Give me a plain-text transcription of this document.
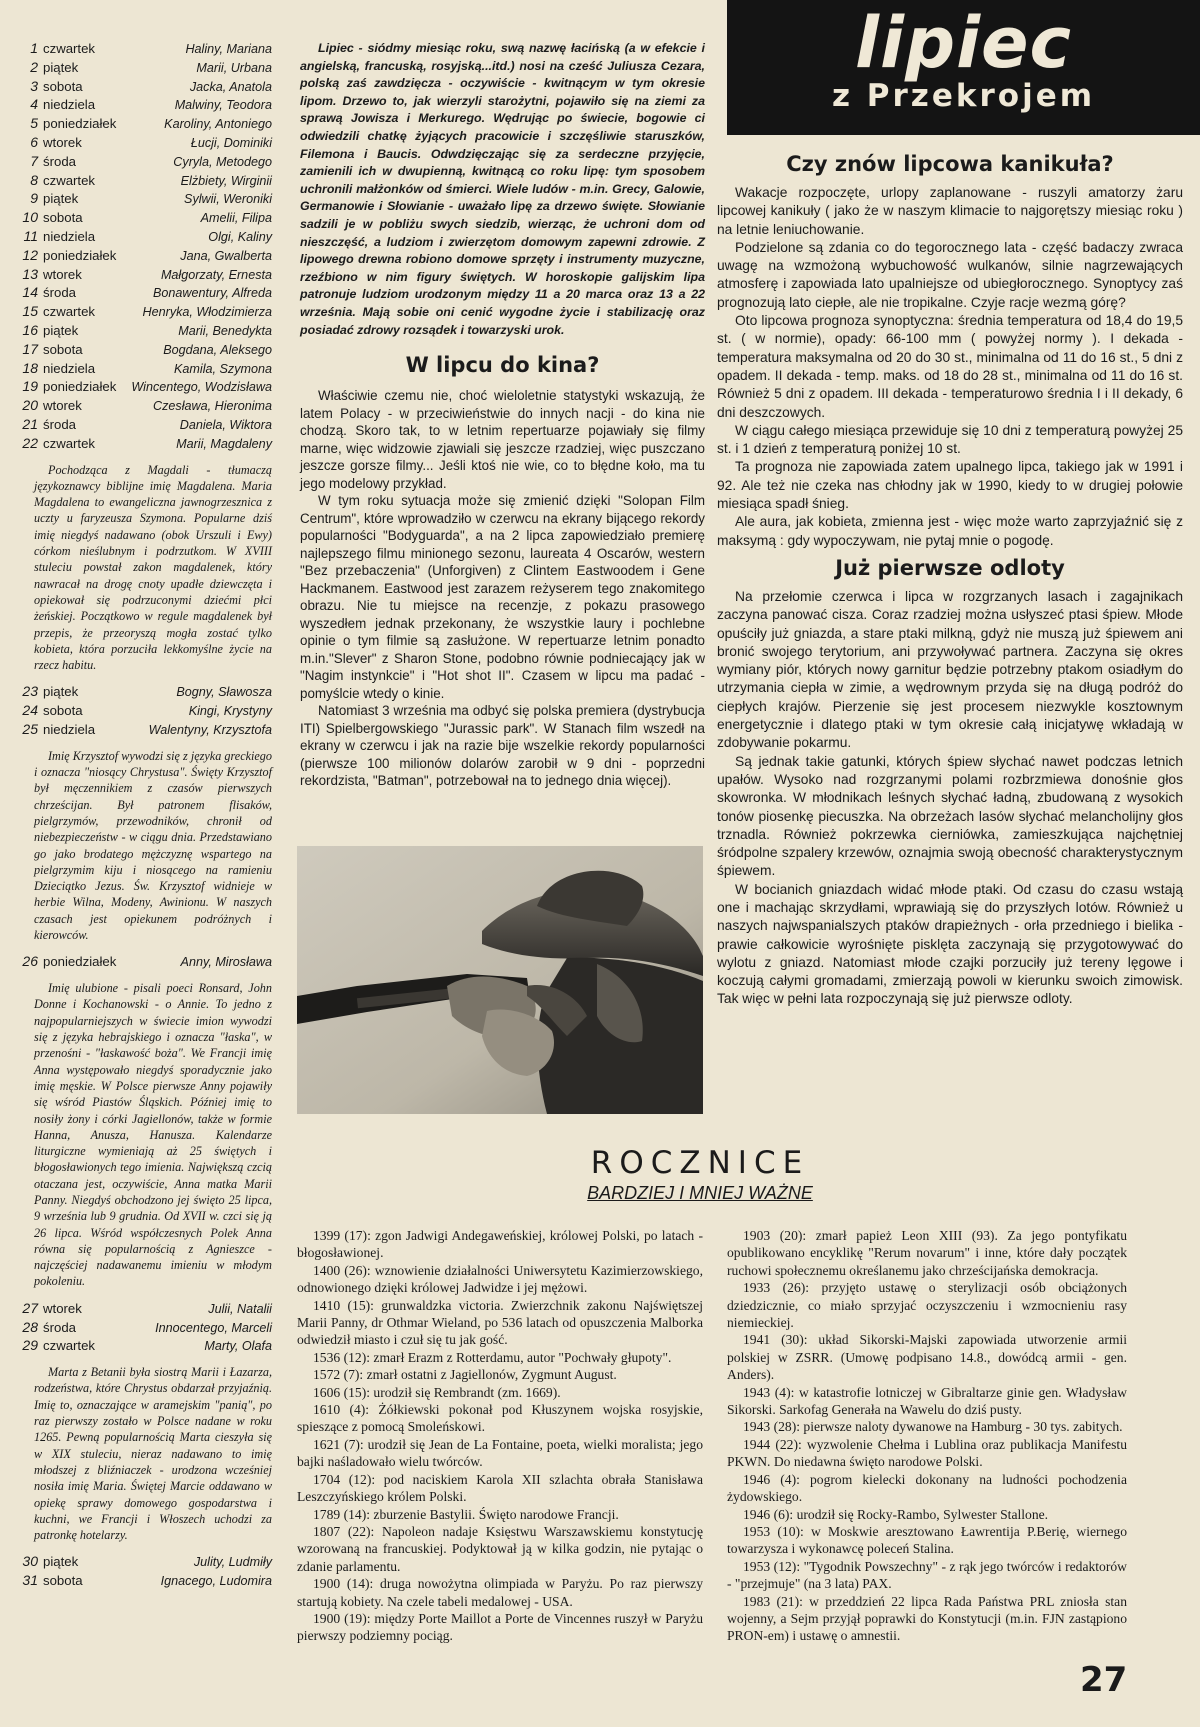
1 czwartek	Haliny, Mariana
2 piątek	Marii, Urbana
3 sobota	Jacka, Anatola
4 niedziela	Malwiny, Teodora
5 poniedziałek	Karoliny, Antoniego
6 wtorek	Łucji, Dominiki
7 środa	Cyryla, Metodego
8 czwartek	Elżbiety, Wirginii
9 piątek	Sylwii, Weroniki
10 sobota	Amelii, Filipa
11 niedziela	Olgi, Kaliny
12 poniedziałek	Jana, Gwalberta
13 wtorek	Małgorzaty, Ernesta
14 środa	Bonawentury, Alfreda
15 czwartek	Henryka, Włodzimierza
16 piątek	Marii, Benedykta
17 sobota	Bogdana, Aleksego
18 niedziela	Kamila, Szymona
19 poniedziałek	Wincentego, Wodzisława
20 wtorek	Czesława, Hieronima
21 środa	Daniela, Wiktora
22 czwartek	Marii, Magdaleny

Pochodząca z Magdali - tłumaczą językoznawcy biblijne imię Magdalena. Maria Magdalena to ewangeliczna jawnogrzesznica z uczty u faryzeusza Szymona. Popularne dziś imię niegdyś nadawano (obok Urszuli i Ewy) córkom nieślubnym i podrzutkom. W XVIII stuleciu powstał zakon magdalenek, który nawracał na drogę cnoty upadłe dziewczęta i opiekował się podrzuconymi dziećmi płci żeńskiej. Początkowo w regule magdalenek był przepis, że przeoryszą mogła zostać tylko kobieta, która porzuciła lekkomyślne życie na rzecz habitu.

23 piątek	Bogny, Sławosza
24 sobota	Kingi, Krystyny
25 niedziela	Walentyny, Krzysztofa

Imię Krzysztof wywodzi się z języka greckiego i oznacza "niosący Chrystusa". Święty Krzysztof był męczennikiem z czasów pierwszych chrześcijan. Był patronem flisaków, pielgrzymów, przewodników, chronił od niebezpieczeństw - w ciągu dnia. Przedstawiano go jako brodatego mężczyznę wspartego na pielgrzymim kiju i niosącego na ramieniu Dzieciątko Jezus. Św. Krzysztof widnieje w herbie Wilna, Modeny, Awinionu. W naszych czasach jest opiekunem podróżnych i kierowców.

26 poniedziałek	Anny, Mirosława

Imię ulubione - pisali poeci Ronsard, John Donne i Kochanowski - o Annie. To jedno z najpopularniejszych w świecie imion wywodzi się z języka hebrajskiego i oznacza "łaska", w przenośni - "łaskawość boża". We Francji imię Anna występowało niegdyś sporadycznie jako imię męskie. W Polsce pierwsze Anny pojawiły się wśród Piastów Śląskich. Później imię to nosiły żony i córki Jagiellonów, także w formie Hanna, Anusza, Hanusza. Kalendarze liturgiczne wymieniają aż 25 świętych i błogosławionych tego imienia. Największą czcią otaczana jest, oczywiście, Anna matka Marii Panny. Niegdyś obchodzono jej święto 25 lipca, 9 września lub 9 grudnia. Od XVII w. czci się ją 26 lipca. Wśród współczesnych Polek Anna równa się popularnością z Agnieszce - najczęściej nadawanemu imieniu w młodym pokoleniu.

27 wtorek	Julii, Natalii
28 środa	Innocentego, Marceli
29 czwartek	Marty, Olafa

Marta z Betanii była siostrą Marii i Łazarza, rodzeństwa, które Chrystus obdarzał przyjaźnią. Imię to, oznaczające w aramejskim "panią", po raz pierwszy zostało w Polsce nadane w roku 1265. Pewną popularnością Marta cieszyła się w XIX stuleciu, nieraz nadawano to imię młodszej z bliźniaczek - urodzona wcześniej nosiła imię Maria. Świętej Marcie oddawano w opiekę sprawy domowego gospodarstwa i kuchni, we Francji i Włoszech uchodzi za patronkę hotelarzy.

30 piątek	Julity, Ludmiły
31 sobota	Ignacego, Ludomira

Lipiec - siódmy miesiąc roku, swą nazwę łacińską (a w efekcie i angielską, francuską, rosyjską...itd.) nosi na cześć Juliusza Cezara, polską zaś zawdzięcza - oczywiście - kwitnącym w tym okresie lipom. Drzewo to, jak wierzyli starożytni, pojawiło się na ziemi za sprawą Jowisza i Merkurego. Wędrując po świecie, bogowie ci odwiedzili chatkę żyjących pracowicie i szczęśliwie staruszków, Filemona i Baucis. Odwdzięczając się za serdeczne przyjęcie, zamienili ich w dwupienną, kwitnącą co roku lipę: tym sposobem uchronili małżonków od śmierci. Wiele ludów - m.in. Grecy, Galowie, Germanowie i Słowianie - uważało lipę za drzewo święte. Słowianie sadzili je w pobliżu swych siedzib, wierząc, że uchroni dom od nieszczęść, a ludziom i zwierzętom domowym zapewni zdrowie. Z lipowego drewna robiono domowe sprzęty i instrumenty muzyczne, rzeźbiono w nim figury świętych. W horoskopie galijskim lipa patronuje ludziom urodzonym między 11 a 20 marca oraz 13 a 22 września. Mają sobie oni cenić wygodne życie i stabilizację oraz posiadać zdrowy rozsądek i towarzyski urok.

W lipcu do kina?

Właściwie czemu nie, choć wieloletnie statystyki wskazują, że latem Polacy - w przeciwieństwie do innych nacji - do kina nie chodzą. Skoro tak, to w letnim repertuarze pojawiały się filmy marne, więc widzowie zjawiali się jeszcze rzadziej, więc puszczano jeszcze gorsze filmy... Jeśli ktoś nie wie, co to błędne koło, ma tu jego modelowy przykład.

W tym roku sytuacja może się zmienić dzięki "Solopan Film Centrum", które wprowadziło w czerwcu na ekrany bijącego rekordy popularności "Bodyguarda", a na 2 lipca zapowiedziało premierę najlepszego filmu minionego sezonu, laureata 4 Oscarów, western "Bez przebaczenia" (Unforgiven) z Clintem Eastwoodem i Gene Hackmanem. Eastwood jest zarazem reżyserem tego znakomitego obrazu. Nie tu miejsce na recenzje, z pokazu prasowego wyszedłem jednak przekonany, że wszystkie laury i pochlebne opinie o tym filmie są zasłużone. W repertuarze letnim ponadto m.in."Slever" z Sharon Stone, podobno równie podniecający jak w "Nagim instynkcie" i "Hot shot II". Czasem w lipcu ma padać - pomyślcie wtedy o kinie.

Natomiast 3 września ma odbyć się polska premiera (dystrybucja ITI) Spielbergowskiego "Jurassic park". W Stanach film wszedł na ekrany w czerwcu i jak na razie bije wszelkie rekordy popularności (pierwsze 100 milionów dolarów zarobił w 9 dni - poprzedni rekordzista, "Batman", potrzebował na to jednego dnia więcej).

lipiec
z Przekrojem
Czy znów lipcowa kanikuła?

Wakacje rozpoczęte, urlopy zaplanowane - ruszyli amatorzy żaru lipcowej kanikuły ( jako że w naszym klimacie to najgorętszy miesiąc roku ) na letnie leniuchowanie.

Podzielone są zdania co do tegorocznego lata - część badaczy zwraca uwagę na wzmożoną wybuchowość wulkanów, silnie nagrzewających atmosferę i zapowiada lato upalniejsze od ubiegłorocznego. Synoptycy zaś prognozują lato ciepłe, ale nie tropikalne. Czyje racje wezmą górę?

Oto lipcowa prognoza synoptyczna: średnia temperatura od 18,4 do 19,5 st. ( w normie), opady: 66-100 mm ( powyżej normy ). I dekada - temperatura maksymalna od 20 do 30 st., minimalna od 11 do 16 st., 5 dni z opadem. II dekada - temp. maks. od 18 do 28 st., minimalna od 11 do 16 st. Również 5 dni z opadem. III dekada - temperaturowo średnia I i II dekady, 6 dni deszczowych.

W ciągu całego miesiąca przewiduje się 10 dni z temperaturą powyżej 25 st. i 1 dzień z temperaturą poniżej 10 st.

Ta prognoza nie zapowiada zatem upalnego lipca, takiego jak w 1991 i 92. Ale też nie czeka nas chłodny jak w 1990, kiedy to w drugiej połowie miesiąca spadł śnieg.

Ale aura, jak kobieta, zmienna jest - więc może warto zaprzyjaźnić się z maksymą : gdy wypoczywam, nie pytaj mnie o pogodę.

Już pierwsze odloty

Na przełomie czerwca i lipca w rozgrzanych lasach i zagajnikach zaczyna panować cisza. Coraz rzadziej można usłyszeć ptasi śpiew. Młode opuściły już gniazda, a stare ptaki milkną, gdyż nie muszą już śpiewem ani bronić swojego terytorium, ani przywoływać partnera. Zaczyna się okres wymiany piór, których nowy garnitur będzie potrzebny ptakom osiadłym do utrzymania ciepła w zimie, a wędrownym przyda się na długą podróż do ciepłych krajów. Pierzenie się jest procesem niezwykle kosztownym energetycznie i dlatego ptaki w tym okresie całą inicjatywę wkładają w zdobywanie pokarmu.

Są jednak takie gatunki, których śpiew słychać nawet podczas letnich upałów. Wysoko nad rozgrzanymi polami rozbrzmiewa donośnie głos skowronka. W młodnikach leśnych słychać ładną, zbudowaną z wysokich tonów piosenkę piecuszka. Na obrzeżach lasów słychać melancholijny głos trznadla. Również pokrzewka cierniówka, zamieszkująca najchętniej śródpolne szpalery krzewów, oznajmia swoją obecność charakterystycznym śpiewem.

W bocianich gniazdach widać młode ptaki. Od czasu do czasu wstają one i machając skrzydłami, wprawiają się do przyszłych lotów. Również u naszych najwspanialszych ptaków drapieżnych - orła przedniego i bielika - prawie całkowicie wyrośnięte pisklęta zaczynają się przygotowywać do wylotu z gniazd. Natomiast młode czajki porzuciły już tereny lęgowe i koczują całymi gromadami, zmierzają powoli w kierunku swoich zimowisk. Tak więc w pełni lata rozpoczynają się już pierwsze odloty.

ROCZNICE
BARDZIEJ I MNIEJ WAŻNE

1399 (17): zgon Jadwigi Andegaweńskiej, królowej Polski, po latach - błogosławionej.

1400 (26): wznowienie działalności Uniwersytetu Kazimierzowskiego, odnowionego dzięki królowej Jadwidze i jej mężowi.

1410 (15): grunwaldzka victoria. Zwierzchnik zakonu Najświętszej Marii Panny, dr Othmar Wieland, po 536 latach od opuszczenia Malborka odwiedził miasto i czuł się tu jak gość.

1536 (12): zmarł Erazm z Rotterdamu, autor "Pochwały głupoty".

1572 (7): zmarł ostatni z Jagiellonów, Zygmunt August.

1606 (15): urodził się Rembrandt (zm. 1669).

1610 (4): Żółkiewski pokonał pod Kłuszynem wojska rosyjskie, spieszące z pomocą Smoleńskowi.

1621 (7): urodził się Jean de La Fontaine, poeta, wielki moralista; jego bajki naśladowało wielu twórców.

1704 (12): pod naciskiem Karola XII szlachta obrała Stanisława Leszczyńskiego królem Polski.

1789 (14): zburzenie Bastylii. Święto narodowe Francji.

1807 (22): Napoleon nadaje Księstwu Warszawskiemu konstytucję wzorowaną na francuskiej. Podyktował ją w kilka godzin, nie pytając o zdanie parlamentu.

1900 (14): druga nowożytna olimpiada w Paryżu. Po raz pierwszy startują kobiety. Na czele tabeli medalowej - USA.

1900 (19): między Porte Maillot a Porte de Vincennes ruszył w Paryżu pierwszy podziemny pociąg.

1903 (20): zmarł papież Leon XIII (93). Za jego pontyfikatu opublikowano encyklikę "Rerum novarum" i inne, które dały początek ruchowi społecznemu określanemu jako chrześcijańska demokracja.

1933 (26): przyjęto ustawę o sterylizacji osób obciążonych dziedzicznie, co miało sprzyjać oczyszczeniu i wzmocnieniu rasy niemieckiej.

1941 (30): układ Sikorski-Majski zapowiada utworzenie armii polskiej w ZSRR. (Umowę podpisano 14.8., dowódcą armii - gen. Anders).

1943 (4): w katastrofie lotniczej w Gibraltarze ginie gen. Władysław Sikorski. Sarkofag Generała na Wawelu do dziś pusty.

1943 (28): pierwsze naloty dywanowe na Hamburg - 30 tys. zabitych.

1944 (22): wyzwolenie Chełma i Lublina oraz publikacja Manifestu PKWN. Do niedawna święto narodowe Polski.

1946 (4): pogrom kielecki dokonany na ludności pochodzenia żydowskiego.

1946 (6): urodził się Rocky-Rambo, Sylwester Stallone.

1953 (10): w Moskwie aresztowano Ławrentija P.Berię, wiernego towarzysza i wykonawcę poleceń Stalina.

1953 (12): "Tygodnik Powszechny" - z rąk jego twórców i redaktorów - "przejmuje" (na 3 lata) PAX.

1983 (21): w przeddzień 22 lipca Rada Państwa PRL zniosła stan wojenny, a Sejm przyjął poprawki do Konstytucji (m.in. FJN zastąpiono PRON-em) i ustawę o amnestii.

27
